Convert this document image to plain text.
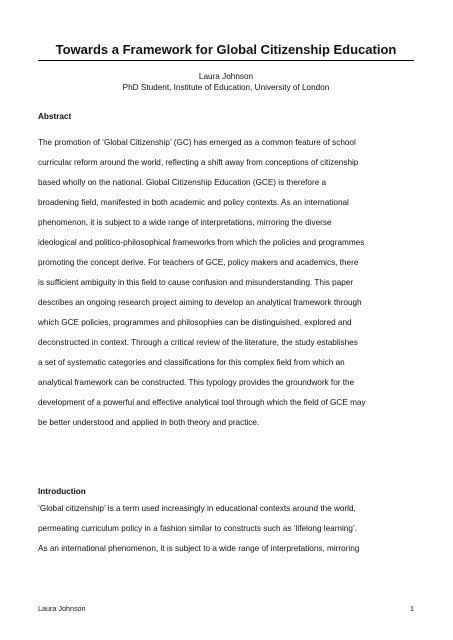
Towards a Framework for Global Citizenship Education
Laura Johnson
PhD Student, Institute of Education, University of London
Abstract
The promotion of ‘Global Citizenship’ (GC) has emerged as a common feature of school
curricular reform around the world, reflecting a shift away from conceptions of citizenship
based wholly on the national. Global Citizenship Education (GCE) is therefore a
broadening field, manifested in both academic and policy contexts. As an international
phenomenon, it is subject to a wide range of interpretations, mirroring the diverse
ideological and politico-philosophical frameworks from which the policies and programmes
promoting the concept derive. For teachers of GCE, policy makers and academics, there
is sufficient ambiguity in this field to cause confusion and misunderstanding. This paper
describes an ongoing research project aiming to develop an analytical framework through
which GCE policies, programmes and philosophies can be distinguished, explored and
deconstructed in context. Through a critical review of the literature, the study establishes
a set of systematic categories and classifications for this complex field from which an
analytical framework can be constructed. This typology provides the groundwork for the
development of a powerful and effective analytical tool through which the field of GCE may
be better understood and applied in both theory and practice.
Introduction
‘Global citizenship’ is a term used increasingly in educational contexts around the world,
permeating curriculum policy in a fashion similar to constructs such as ‘lifelong learning’.
As an international phenomenon, it is subject to a wide range of interpretations, mirroring
Laura Johnson	1
